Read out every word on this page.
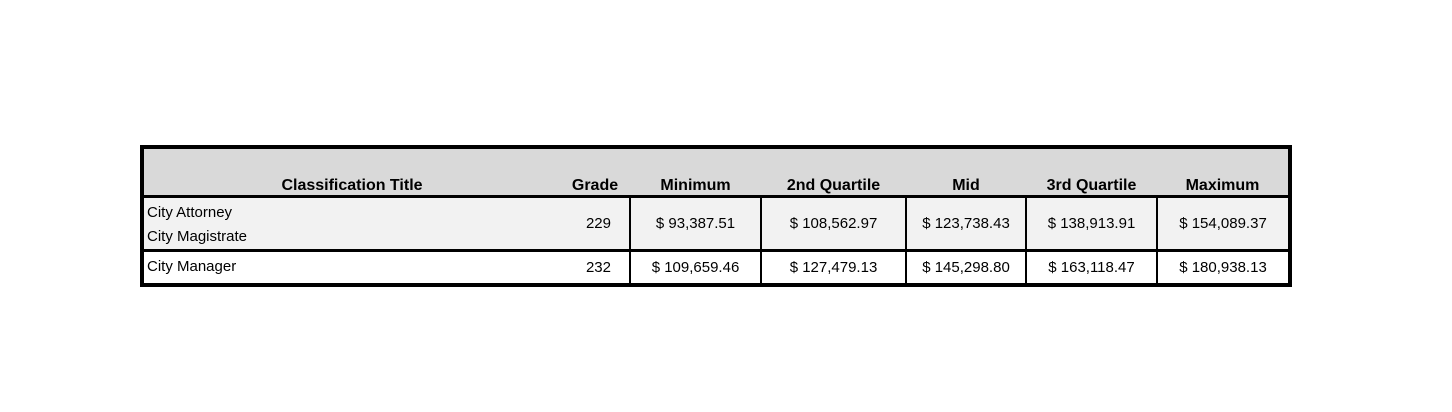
Classification Title	Grade	Minimum	2nd Quartile	Mid	3rd Quartile	Maximum

City Attorney
City Magistrate	229	$ 93,387.51	$ 108,562.97	$ 123,738.43	$ 138,913.91	$ 154,089.37

City Manager	232	$ 109,659.46	$ 127,479.13	$ 145,298.80	$ 163,118.47	$ 180,938.13
